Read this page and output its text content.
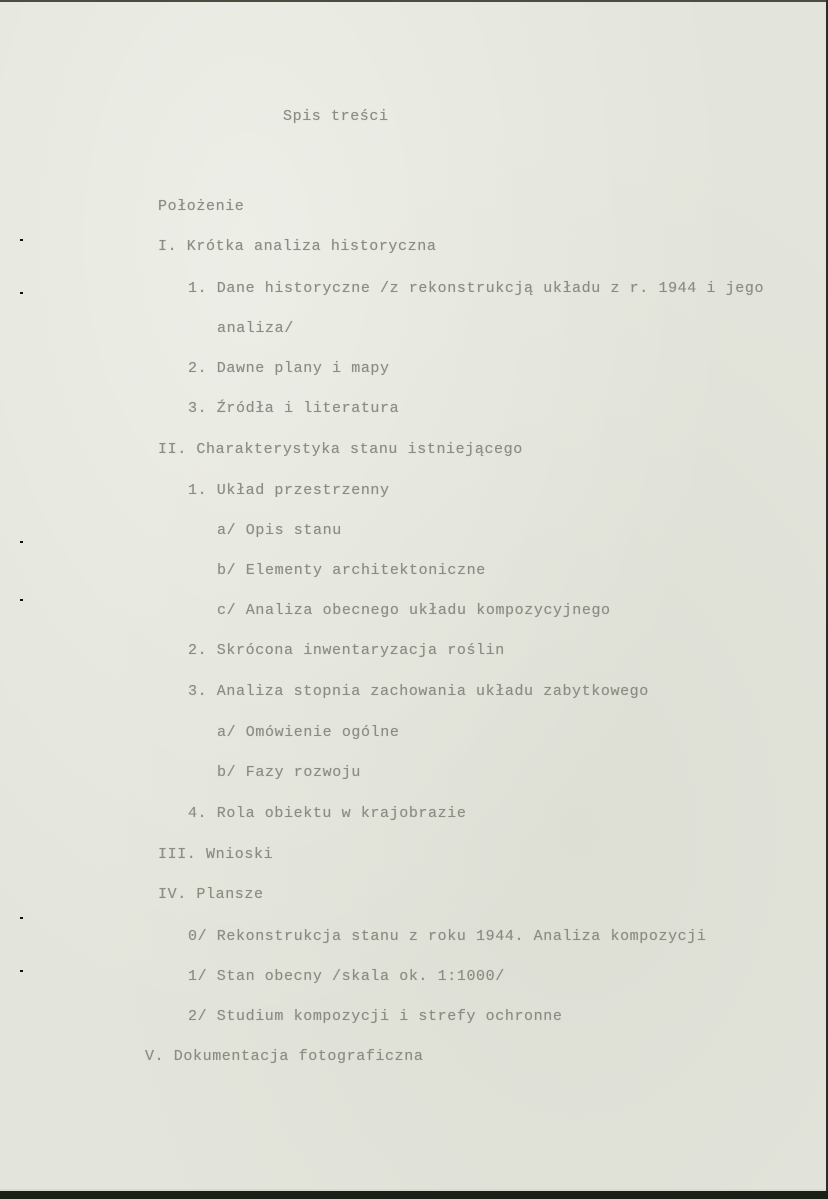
Spis treści
Położenie
I. Krótka analiza historyczna
1. Dane historyczne /z rekonstrukcją układu z r. 1944 i jego
analiza/
2. Dawne plany i mapy
3. Źródła i literatura
II. Charakterystyka stanu istniejącego
1. Układ przestrzenny
a/ Opis stanu
b/ Elementy architektoniczne
c/ Analiza obecnego układu kompozycyjnego
2. Skrócona inwentaryzacja roślin
3. Analiza stopnia zachowania układu zabytkowego
a/ Omówienie ogólne
b/ Fazy rozwoju
4. Rola obiektu w krajobrazie
III. Wnioski
IV. Plansze
0/ Rekonstrukcja stanu z roku 1944. Analiza kompozycji
1/ Stan obecny /skala ok. 1:1000/
2/ Studium kompozycji i strefy ochronne
V. Dokumentacja fotograficzna
